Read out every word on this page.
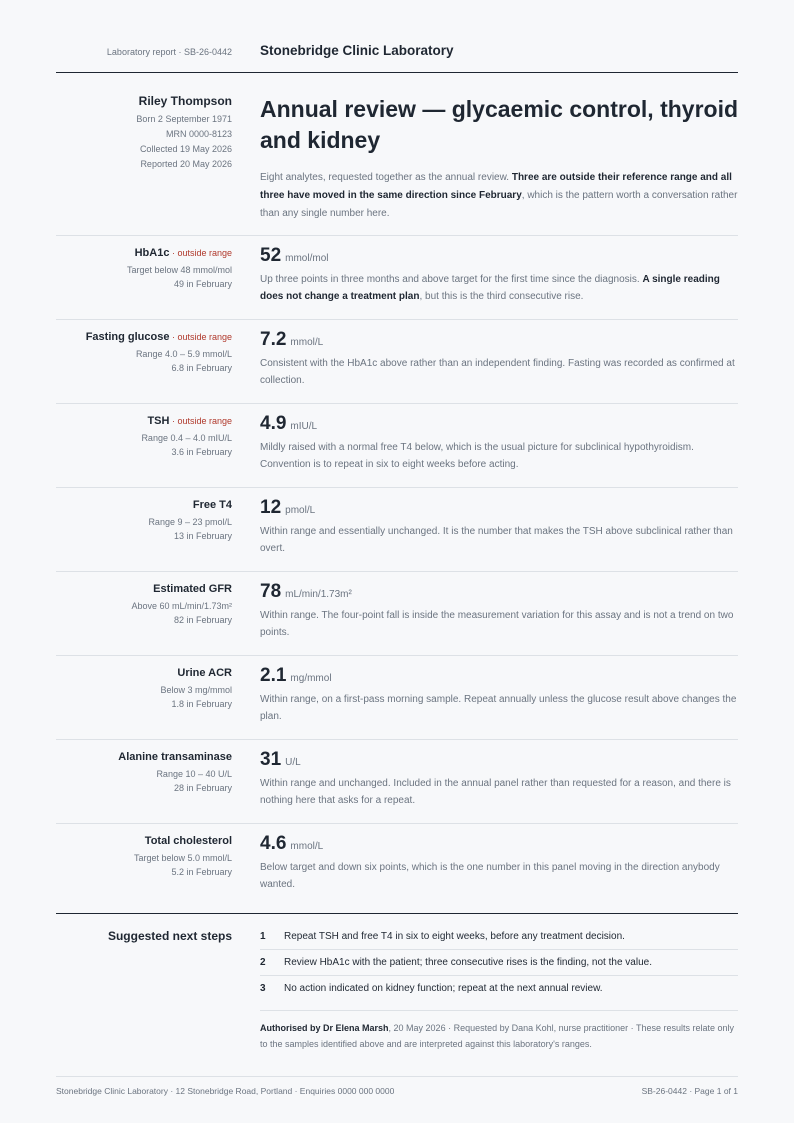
Laboratory report · SB-26-0442 Stonebridge Clinic Laboratory
Riley Thompson
Born 2 September 1971
MRN 0000-8123
Collected 19 May 2026
Reported 20 May 2026
Annual review — glycaemic control, thyroid and kidney
Eight analytes, requested together as the annual review. Three are outside their reference range and all three have moved in the same direction since February, which is the pattern worth a conversation rather than any single number here.
HbA1c · outside range
Target below 48 mmol/mol
49 in February
52 mmol/mol
Up three points in three months and above target for the first time since the diagnosis. A single reading does not change a treatment plan, but this is the third consecutive rise.
Fasting glucose · outside range
Range 4.0 – 5.9 mmol/L
6.8 in February
7.2 mmol/L
Consistent with the HbA1c above rather than an independent finding. Fasting was recorded as confirmed at collection.
TSH · outside range
Range 0.4 – 4.0 mIU/L
3.6 in February
4.9 mIU/L
Mildly raised with a normal free T4 below, which is the usual picture for subclinical hypothyroidism. Convention is to repeat in six to eight weeks before acting.
Free T4
Range 9 – 23 pmol/L
13 in February
12 pmol/L
Within range and essentially unchanged. It is the number that makes the TSH above subclinical rather than overt.
Estimated GFR
Above 60 mL/min/1.73m²
82 in February
78 mL/min/1.73m²
Within range. The four-point fall is inside the measurement variation for this assay and is not a trend on two points.
Urine ACR
Below 3 mg/mmol
1.8 in February
2.1 mg/mmol
Within range, on a first-pass morning sample. Repeat annually unless the glucose result above changes the plan.
Alanine transaminase
Range 10 – 40 U/L
28 in February
31 U/L
Within range and unchanged. Included in the annual panel rather than requested for a reason, and there is nothing here that asks for a repeat.
Total cholesterol
Target below 5.0 mmol/L
5.2 in February
4.6 mmol/L
Below target and down six points, which is the one number in this panel moving in the direction anybody wanted.
Suggested next steps	1 Repeat TSH and free T4 in six to eight weeks, before any treatment decision.
2 Review HbA1c with the patient; three consecutive rises is the finding, not the value.
3 No action indicated on kidney function; repeat at the next annual review.
Authorised by Dr Elena Marsh, 20 May 2026 · Requested by Dana Kohl, nurse practitioner · These results relate only to the samples identified above and are interpreted against this laboratory's ranges.
Stonebridge Clinic Laboratory · 12 Stonebridge Road, Portland · Enquiries 0000 000 0000	SB-26-0442 · Page 1 of 1
